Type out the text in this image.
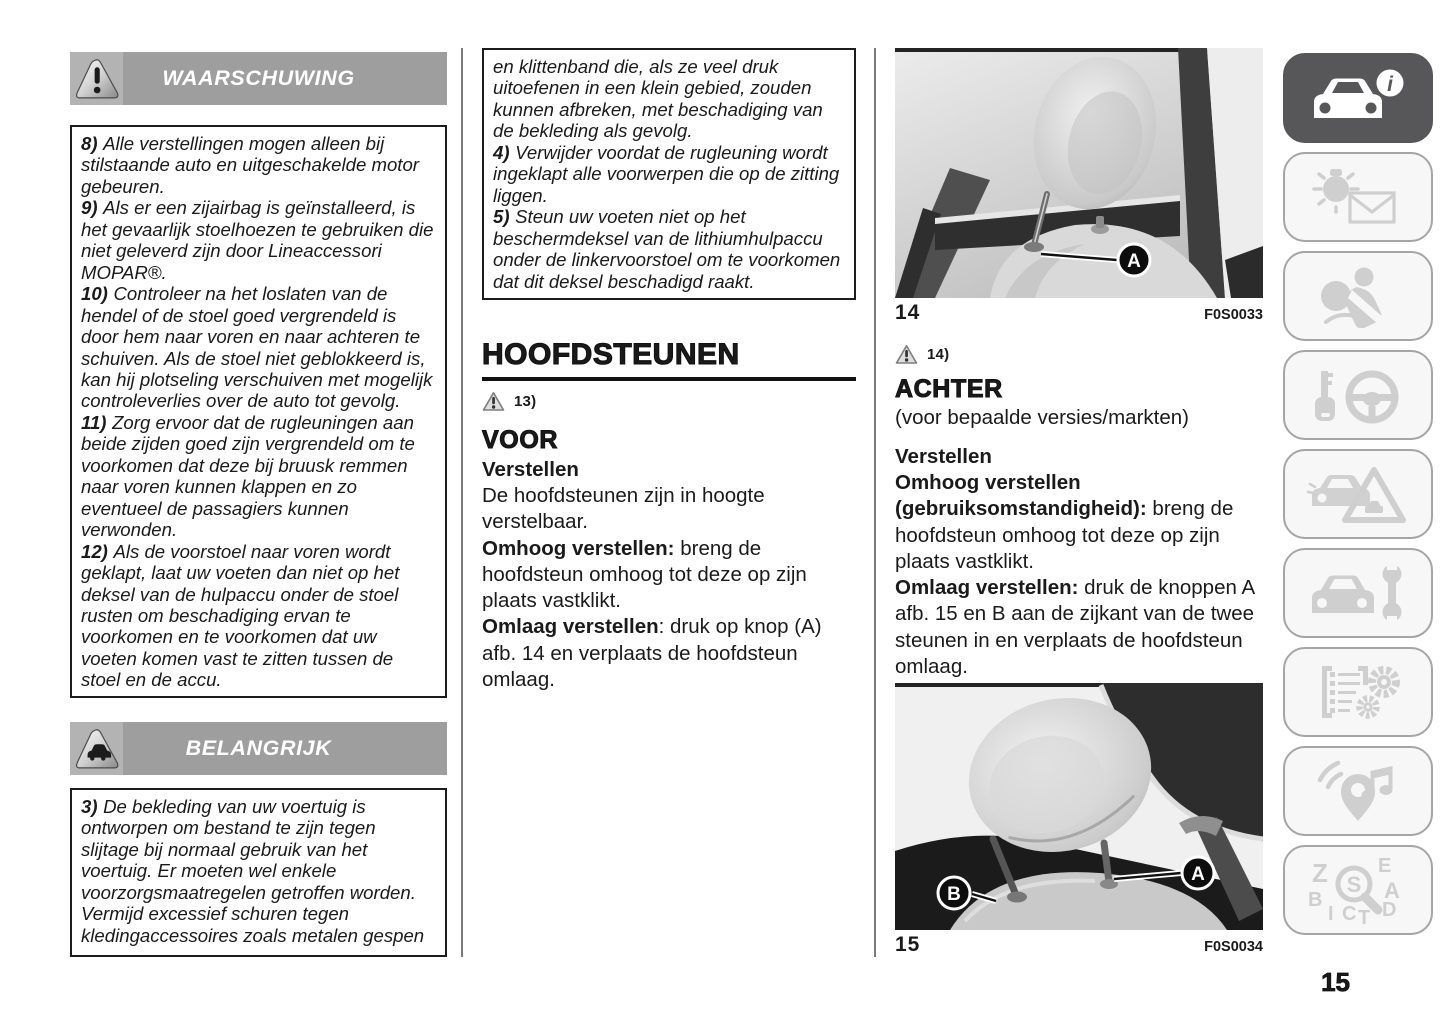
WAARSCHUWING

8) Alle verstellingen mogen alleen bij stilstaande auto en uitgeschakelde motor gebeuren.

9) Als er een zijairbag is geïnstalleerd, is het gevaarlijk stoelhoezen te gebruiken die niet geleverd zijn door Lineaccessori MOPAR®.

10) Controleer na het loslaten van de hendel of de stoel goed vergrendeld is door hem naar voren en naar achteren te schuiven. Als de stoel niet geblokkeerd is, kan hij plotseling verschuiven met mogelijk controleverlies over de auto tot gevolg.

11) Zorg ervoor dat de rugleuningen aan beide zijden goed zijn vergrendeld om te voorkomen dat deze bij bruusk remmen naar voren kunnen klappen en zo eventueel de passagiers kunnen verwonden.

12) Als de voorstoel naar voren wordt geklapt, laat uw voeten dan niet op het deksel van de hulpaccu onder de stoel rusten om beschadiging ervan te voorkomen en te voorkomen dat uw voeten komen vast te zitten tussen de stoel en de accu.

BELANGRIJK

3) De bekleding van uw voertuig is ontworpen om bestand te zijn tegen slijtage bij normaal gebruik van het voertuig. Er moeten wel enkele voorzorgsmaatregelen getroffen worden. Vermijd excessief schuren tegen kledingaccessoires zoals metalen gespen

en klittenband die, als ze veel druk uitoefenen in een klein gebied, zouden kunnen afbreken, met beschadiging van de bekleding als gevolg.

4) Verwijder voordat de rugleuning wordt ingeklapt alle voorwerpen die op de zitting liggen.

5) Steun uw voeten niet op het beschermdeksel van de lithiumhulpaccu onder de linkervoorstoel om te voorkomen dat dit deksel beschadigd raakt.

HOOFDSTEUNEN
13)
VOOR
Verstellen

De hoofdsteunen zijn in hoogte verstelbaar.

Omhoog verstellen: breng de hoofdsteun omhoog tot deze op zijn plaats vastklikt.

Omlaag verstellen: druk op knop (A) afb. 14 en verplaats de hoofdsteun omlaag.

A
14	F0S0033
14)
ACHTER

(voor bepaalde versies/markten)

Verstellen

Omhoog verstellen (gebruiksomstandigheid): breng de hoofdsteun omhoog tot deze op zijn plaats vastklikt.

Omlaag verstellen: druk de knoppen A afb. 15 en B aan de zijkant van de twee steunen in en verplaats de hoofdsteun omlaag.

B
A
15	F0S0034
i
Z	E
B	A
I C T D
S
15
